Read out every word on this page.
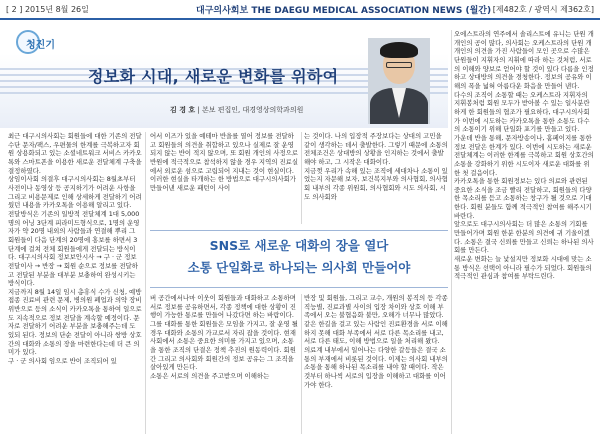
[ 2 ] 2015년 8월 26일	대구의사회보 THE DAEGU MEDICAL ASSOCIATION NEWS (월간) [제482호 / 광역시 제362호]
청진기
정보화 시대, 새로운 변화를 위하여
김 경 호 | 본보 편집인, 대경영상의학과의원
최근 대구시의사회는 회원들에 대한 기존의 전달수단 문자/팩스, 우편물의 한계를 극복하고자 회원 상용화되고 있는 소셜네트워크 서비스 카카오톡와 스마트폰을 이용한 새로운 전달체계 구축을 결정하였다.
상임이사회 의결후 대구시의사회는 8월초부터 사전이나 동영상 등 공지하기가 어려운 사항을 그리고 비용문제로 인해 상세하게 전달하기 어려웠던 내용을 카카오톡을 이용해 알리고 있다.
전달방식은 기존의 일방적 전달체계 1대 5,000명의 어닝 3단계 피라미드형식으로, 1명의 운영자가 약 20명 내외의 사람들과 연결해 뿌리 그 회원들이 다음 단계의 20명에 홍보를 하면서 3단계에 걸쳐 전체 회원들에게 전달되는 방식이다. 대구시의사회 정보보안시사 → 구 · 군 정보전달이사 → 반장 → 회원 순으로 정보를 전달하고 전달된 부분을 대부분 보충하여 완성시키는 방식이다.
지금까지 8월 14일 임시 총휴식 수가 신청, 예방접종 진료비 관련 문제, 병의원 폐업과 의약 장비위반으로 등의 소식이 카카오톡을 통하여 일으로도 지속적으로 정보 전달을 계속할 예정이다. 문자로 전달하기 어려운 부분을 보충해주는데 도 있되 된다. 정보의 단순 전달이 아니라 쌍방 상호간의 대화와 소통의 장을 마련한다는데 더 큰 의미가 있다.
구 · 군 의사회 임으로 반이 조직되어 있
어서 이즈가 있을 예테마 반을를 열어 정보를 전달하고 회원들의 의견을 취합하고 있으나 실제로 잘 운영되지 않는 반이 적지 않으며, 또 회원 개인의 사정으로 반원에 적극적으로 참석하지 않을 경우 지역의 진료실에서 외로운 섬으로 고립되어 지내는 것이 현실이다.
이러한 현실을 타개하는 한 방법으로 대구시의사회가 만들어낸 새로운 패턴이 사이
는 것이다. 나의 입장적 주장보다는 상대의 고민을 같이 생각하는 데서 출발한다. 그렇기 때문에 소통의 전체조건은 상대방의 상황을 인지하는 것에서 출발해야 하고, 그 시작은 대화이다.
지금껏 우리가 속해 있는 조직에 세대차나 소통이 있었는지 자문해 보자, 보건복지부와 의사협회, 의사협회 내부의 각종 위원회, 의사협회와 시도 의사회, 시도 의사회와
오에스트라의 연주에서 솔리스트에 유니는 단원 개개인의 공이 많다, 의사회는 오케스트라의 단원 개개인의 의견을 가진 사람들이 모인 곳으로 수많은 단원들이 지휘자의 지휘에 따라 하는 것처럼, 서로의 이해와 양보로 얻어야 할 것이 있다 다름을 인정하고 상대방의 의견을 경청한다. 정보의 공유와 이해의 폭을 넓혀 아름다운 화음을 만들어 낸다.
다수의 조직이 소통할 때는 오케스트라 지휘자의 지휘봉처럼 회원 모두가 받아볼 수 있는 일사분란하게 한 회원들의 협조가 필요하다, 대구시의사회가 이번에 시도하는 카카오톡을 통한 소통도 다수의 소통이기 위해 단일화 포기를 만들고 있다.
가운데 반을 통해, 문자방송이나, 홈페이지를 통한 정보 전달은 한계가 있다. 이번에 시도하는 새로운 전달체계는 이러한 한계를 극복하고 회원 상호간의 소통을 강화하기 위한 시도이자 새로운 대화를 위한 첫 걸음이다.
카카오톡을 통한 회원정보는 있다 의료와 관련된 중요한 소식을 조금 빨리 전달하고, 회원들의 다양한 목소리를 듣고 소통하는 창구가 될 것으로 기대한다. 회원 분들도 함께 적극적인 참여를 해주시기 바란다.
앞으로도 대구시의사회는 더 많은 소통의 기회를 만들어가며 회원 한분 한분의 의견에 귀 기울이겠다. 소통은 결국 신뢰를 만들고 신뢰는 하나된 의사회를 만든다.
새로운 변화는 늘 낯설지만 정보화 시대에 맞는 소통 방식은 선택이 아니라 필수가 되었다. 회원들의 적극적인 관심과 참여를 부탁드린다.
SNS로 새로운 대화의 장을 열다
소통 단일화로 하나되는 의사회 만들어야
버 공간에서나마 이웃이 회원들과 대화하고 소통하며 서로 정보를 공유하면서, 각종 정책에 대한 상황이 진행이 가능한 통로를 만들어 나갔다면 하는 바람이다.
그를 대화를 통한 회원들은 모임을 가지고, 잘 운영 될 경우 대화와 소통의 가교로서 자리 잡을 것이다. 현재 사회에서 소통은 중요한 의미를 가지고 있으며, 소통을 통한 조직의 단결은 정책 추진의 원동력이다. 회원간 그리고 의사회와 회원간의 정보 공유는 그 조직을 살아있게 만든다.
소통은 서로의 의견을 주고받으며 이해하는
반장 및 회원들, 그리고 교수, 개원의 봉직의 등 각종 직능별, 진료과별 사이의 입장 차이와 상호 이해 부족에서 오는 불협음화 불만, 오해가 너무나 많았다. 같은 한길을 걸고 있는 사람인 진료환경을 서로 이해하지 못해 대화 부족에서 서로 다른 목소리를 내고, 서로 다른 태도, 이해 방법으로 일을 처리해 왔다.
의료계 내부에서 일어나는 다양한 갈등들은 결국 소통의 부재에서 비롯된 것이다. 이제는 의사회 내부의 소통을 통해 하나된 목소리를 내야 할 때이다. 작은 것부터 하나씩 서로의 입장을 이해하고 대화를 이어가야 한다.
